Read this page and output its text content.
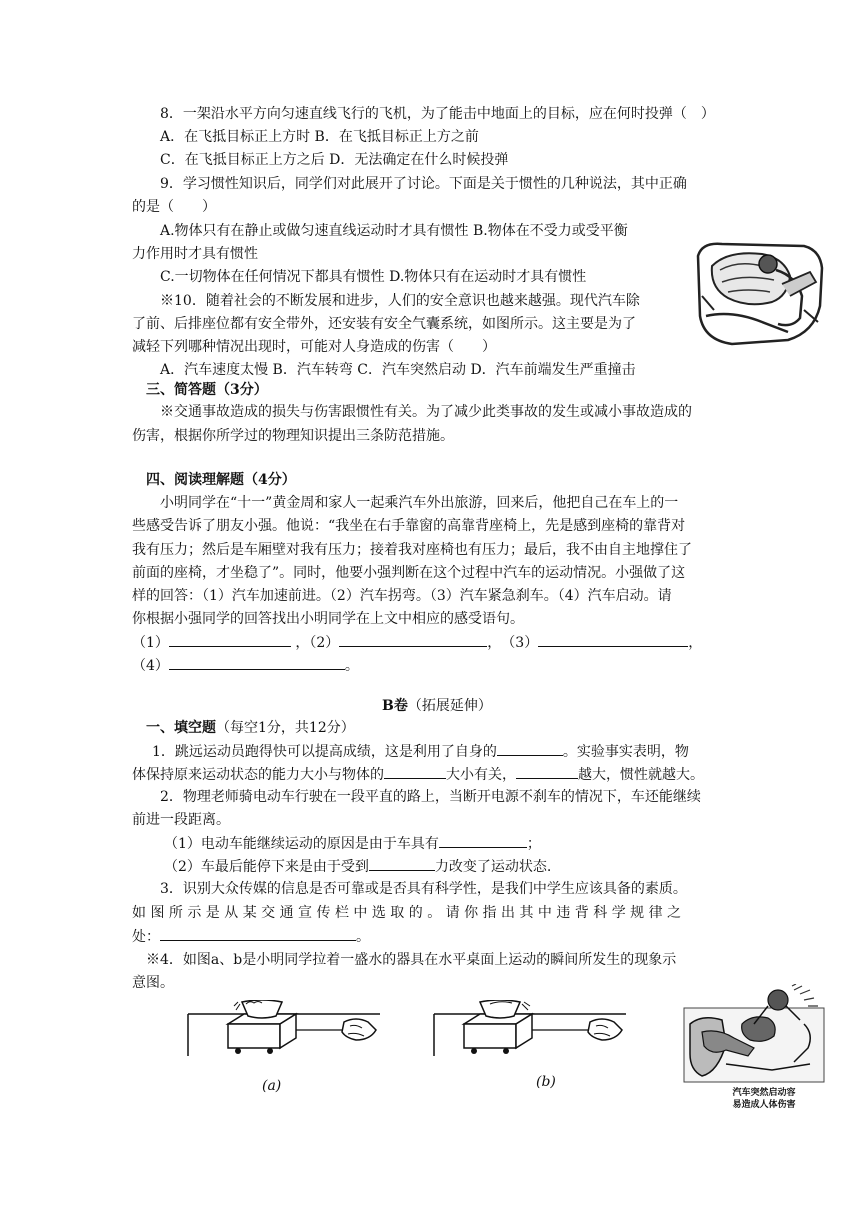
8．一架沿水平方向匀速直线飞行的飞机，为了能击中地面上的目标，应在何时投弹（　）
A．在飞抵目标正上方时 B．在飞抵目标正上方之前
C．在飞抵目标正上方之后 D．无法确定在什么时候投弹
9．学习惯性知识后，同学们对此展开了讨论。下面是关于惯性的几种说法，其中正确
的是（　　）
A.物体只有在静止或做匀速直线运动时才具有惯性 B.物体在不受力或受平衡
力作用时才具有惯性
C.一切物体在任何情况下都具有惯性 D.物体只有在运动时才具有惯性
※10．随着社会的不断发展和进步，人们的安全意识也越来越强。现代汽车除
了前、后排座位都有安全带外，还安装有安全气囊系统，如图所示。这主要是为了
减轻下列哪种情况出现时，可能对人身造成的伤害（　　）
A．汽车速度太慢 B．汽车转弯 C．汽车突然启动 D．汽车前端发生严重撞击
三、简答题（3分）
※交通事故造成的损失与伤害跟惯性有关。为了减少此类事故的发生或减小事故造成的
伤害，根据你所学过的物理知识提出三条防范措施。
四、阅读理解题（4分）
小明同学在“十一”黄金周和家人一起乘汽车外出旅游，回来后，他把自己在车上的一
些感受告诉了朋友小强。他说：“我坐在右手靠窗的高靠背座椅上，先是感到座椅的靠背对
我有压力；然后是车厢壁对我有压力；接着我对座椅也有压力；最后，我不由自主地撑住了
前面的座椅，才坐稳了”。同时，他要小强判断在这个过程中汽车的运动情况。小强做了这
样的回答：（1）汽车加速前进。（2）汽车拐弯。（3）汽车紧急刹车。（4）汽车启动。请
你根据小强同学的回答找出小明同学在上文中相应的感受语句。
（1）	，（2）	，　（3）	，
（4）	。
B卷（拓展延伸）
一、填空题（每空1分，共12分）
1．跳远运动员跑得快可以提高成绩，这是利用了自身的	。实验事实表明，物
体保持原来运动状态的能力大小与物体的	大小有关，	越大，惯性就越大。
2．物理老师骑电动车行驶在一段平直的路上，当断开电源不刹车的情况下，车还能继续
前进一段距离。
（1）电动车能继续运动的原因是由于车具有	；
（2）车最后能停下来是由于受到	力改变了运动状态.
3．识别大众传媒的信息是否可靠或是否具有科学性，是我们中学生应该具备的素质。
如 图 所 示 是 从 某 交 通 宣 传 栏 中 选 取 的 。 请 你 指 出 其 中 违 背 科 学 规 律 之
处：	。
※4．如图a、b是小明同学拉着一盛水的器具在水平桌面上运动的瞬间所发生的现象示
意图。
(a)	(b)
汽车突然启动容
易造成人体伤害
